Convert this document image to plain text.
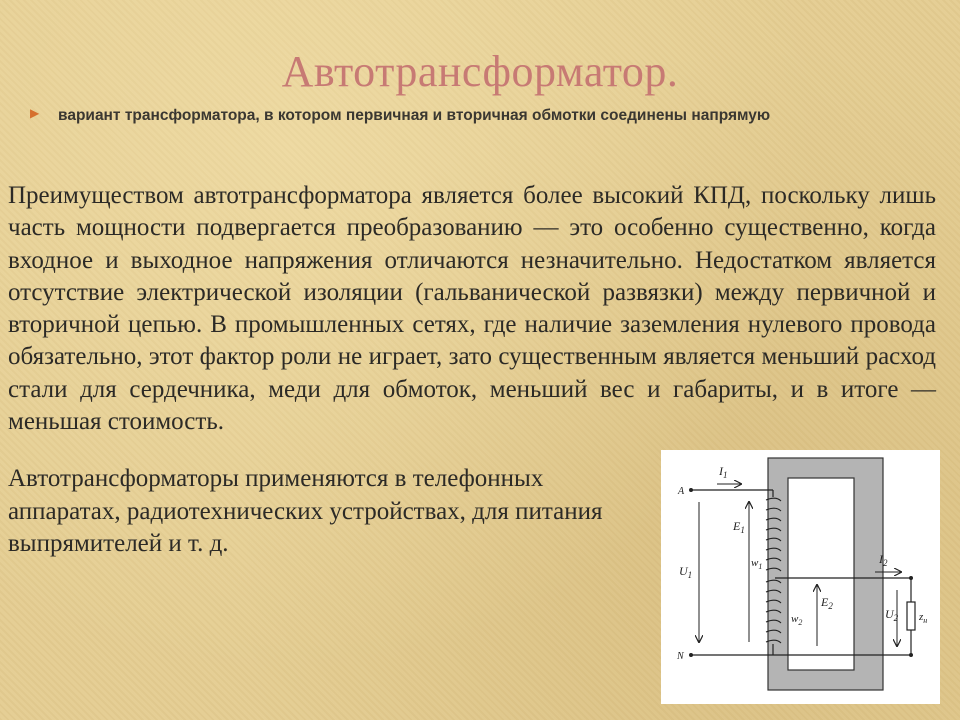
Автотрансформатор.
▶	вариант трансформатора, в котором первичная и вторичная обмотки соединены напрямую
Преимуществом автотрансформатора является более высокий КПД, поскольку лишь часть мощности подвергается преобразованию — это особенно существенно, когда входное и выходное напряжения отличаются незначительно. Недостатком является отсутствие электрической изоляции (гальванической развязки) между первичной и вторичной цепью. В промышленных сетях, где наличие заземления нулевого провода обязательно, этот фактор роли не играет, зато существенным является меньший расход стали для сердечника, меди для обмоток, меньший вес и габариты, и в итоге — меньшая стоимость.
Автотрансформаторы применяются в телефонных аппаратах, радиотехнических устройствах, для питания выпрямителей и т. д.
A
N
$I_1$
$I_2$
$U_1$
$U_2$
$E_1$
$E_2$
$w_1$
$w_2$	$z_н$
